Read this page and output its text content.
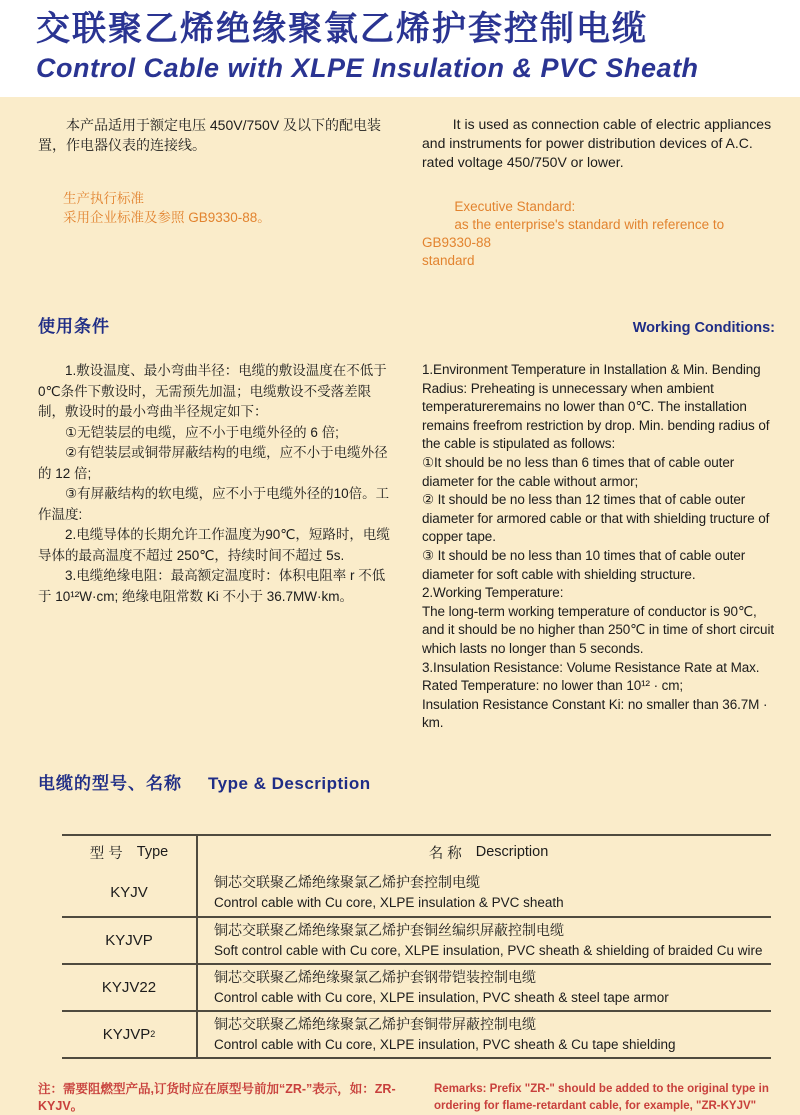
交联聚乙烯绝缘聚氯乙烯护套控制电缆
Control Cable with XLPE Insulation & PVC Sheath

本产品适用于额定电压 450V/750V 及以下的配电装置，作电器仪表的连接线。

生产执行标准
采用企业标准及参照 GB9330-88。

It is used as connection cable of electric appliances and instruments for power distribution devices of A.C. rated voltage 450/750V or lower.

Executive Standard:
as the enterprise's standard with reference to GB9330-88
standard
使用条件	Working Conditions:

1.敷设温度、最小弯曲半径：电缆的敷设温度在不低于0℃条件下敷设时，无需预先加温；电缆敷设不受落差限制，敷设时的最小弯曲半径规定如下：

①无铠装层的电缆，应不小于电缆外径的 6 倍;

②有铠装层或铜带屏蔽结构的电缆，应不小于电缆外径的 12 倍;

③有屏蔽结构的软电缆，应不小于电缆外径的10倍。工作温度:

2.电缆导体的长期允许工作温度为90℃，短路时，电缆导体的最高温度不超过 250℃，持续时间不超过 5s.

3.电缆绝缘电阻：最高额定温度时：体积电阻率 r 不低于 10¹²W·cm; 绝缘电阻常数 Ki 不小于 36.7MW·km。

1.Environment Temperature in Installation & Min. Bending Radius: Preheating is unnecessary when ambient temperatureremains no lower than 0℃. The installation remains freefrom restriction by drop. Min. bending radius of the cable is stipulated as follows:

①It should be no less than 6 times that of cable outer diameter for the cable without armor;

② It should be no less than 12 times that of cable outer diameter for armored cable or that with shielding tructure of copper tape.

③ It should be no less than 10 times that of cable outer diameter for soft cable with shielding structure.

2.Working Temperature:

The long-term working temperature of conductor is 90℃, and it should be no higher than 250℃ in time of short circuit which lasts no longer than 5 seconds.

3.Insulation Resistance: Volume Resistance Rate at Max. Rated Temperature: no lower than 10¹² · cm;

Insulation Resistance Constant Ki: no smaller than 36.7M · km.

电缆的型号、名称 Type & Description
型 号 Type	名 称 Description
KYJV
铜芯交联聚乙烯绝缘聚氯乙烯护套控制电缆
Control cable with Cu core, XLPE insulation & PVC sheath
KYJVP
铜芯交联聚乙烯绝缘聚氯乙烯护套铜丝编织屏蔽控制电缆
Soft control cable with Cu core, XLPE insulation, PVC sheath & shielding of braided Cu wire
KYJV22
铜芯交联聚乙烯绝缘聚氯乙烯护套钢带铠装控制电缆
Control cable with Cu core, XLPE insulation, PVC sheath & steel tape armor
KYJVP 2
铜芯交联聚乙烯绝缘聚氯乙烯护套铜带屏蔽控制电缆
Control cable with Cu core, XLPE insulation, PVC sheath & Cu tape shielding
注：需要阻燃型产品,订货时应在原型号前加“ZR-”表示，如：ZR-KYJV。
Remarks: Prefix "ZR-" should be added to the original type in ordering for flame-retardant cable, for example, "ZR-KYJV"
